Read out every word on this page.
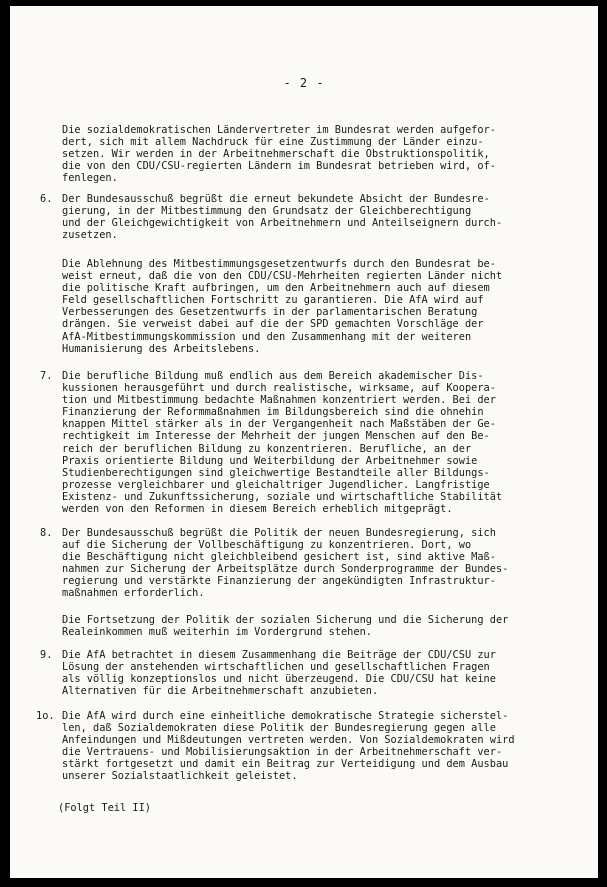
- 2 -
Die sozialdemokratischen Ländervertreter im Bundesrat werden aufgefor-
dert, sich mit allem Nachdruck für eine Zustimmung der Länder einzu-
setzen. Wir werden in der Arbeitnehmerschaft die Obstruktionspolitik,
die von den CDU/CSU-regierten Ländern im Bundesrat betrieben wird, of-
fenlegen.
6. Der Bundesausschuß begrüßt die erneut bekundete Absicht der Bundesre-
gierung, in der Mitbestimmung den Grundsatz der Gleichberechtigung
und der Gleichgewichtigkeit von Arbeitnehmern und Anteilseignern durch-
zusetzen.
Die Ablehnung des Mitbestimmungsgesetzentwurfs durch den Bundesrat be-
weist erneut, daß die von den CDU/CSU-Mehrheiten regierten Länder nicht
die politische Kraft aufbringen, um den Arbeitnehmern auch auf diesem
Feld gesellschaftlichen Fortschritt zu garantieren. Die AfA wird auf
Verbesserungen des Gesetzentwurfs in der parlamentarischen Beratung
drängen. Sie verweist dabei auf die der SPD gemachten Vorschläge der
AfA-Mitbestimmungskommission und den Zusammenhang mit der weiteren
Humanisierung des Arbeitslebens.
7. Die berufliche Bildung muß endlich aus dem Bereich akademischer Dis-
kussionen herausgeführt und durch realistische, wirksame, auf Koopera-
tion und Mitbestimmung bedachte Maßnahmen konzentriert werden. Bei der
Finanzierung der Reformmaßnahmen im Bildungsbereich sind die ohnehin
knappen Mittel stärker als in der Vergangenheit nach Maßstäben der Ge-
rechtigkeit im Interesse der Mehrheit der jungen Menschen auf den Be-
reich der beruflichen Bildung zu konzentrieren. Berufliche, an der
Praxis orientierte Bildung und Weiterbildung der Arbeitnehmer sowie
Studienberechtigungen sind gleichwertige Bestandteile aller Bildungs-
prozesse vergleichbarer und gleichaltriger Jugendlicher. Langfristige
Existenz- und Zukunftssicherung, soziale und wirtschaftliche Stabilität
werden von den Reformen in diesem Bereich erheblich mitgeprägt.
8. Der Bundesausschuß begrüßt die Politik der neuen Bundesregierung, sich
auf die Sicherung der Vollbeschäftigung zu konzentrieren. Dort, wo
die Beschäftigung nicht gleichbleibend gesichert ist, sind aktive Maß-
nahmen zur Sicherung der Arbeitsplätze durch Sonderprogramme der Bundes-
regierung und verstärkte Finanzierung der angekündigten Infrastruktur-
maßnahmen erforderlich.
Die Fortsetzung der Politik der sozialen Sicherung und die Sicherung der
Realeinkommen muß weiterhin im Vordergrund stehen.
9. Die AfA betrachtet in diesem Zusammenhang die Beiträge der CDU/CSU zur
Lösung der anstehenden wirtschaftlichen und gesellschaftlichen Fragen
als völlig konzeptionslos und nicht überzeugend. Die CDU/CSU hat keine
Alternativen für die Arbeitnehmerschaft anzubieten.
1o. Die AfA wird durch eine einheitliche demokratische Strategie sicherstel-
len, daß Sozialdemokraten diese Politik der Bundesregierung gegen alle
Anfeindungen und Mißdeutungen vertreten werden. Von Sozialdemokraten wird
die Vertrauens- und Mobilisierungsaktion in der Arbeitnehmerschaft ver-
stärkt fortgesetzt und damit ein Beitrag zur Verteidigung und dem Ausbau
unserer Sozialstaatlichkeit geleistet.
(Folgt Teil II)
